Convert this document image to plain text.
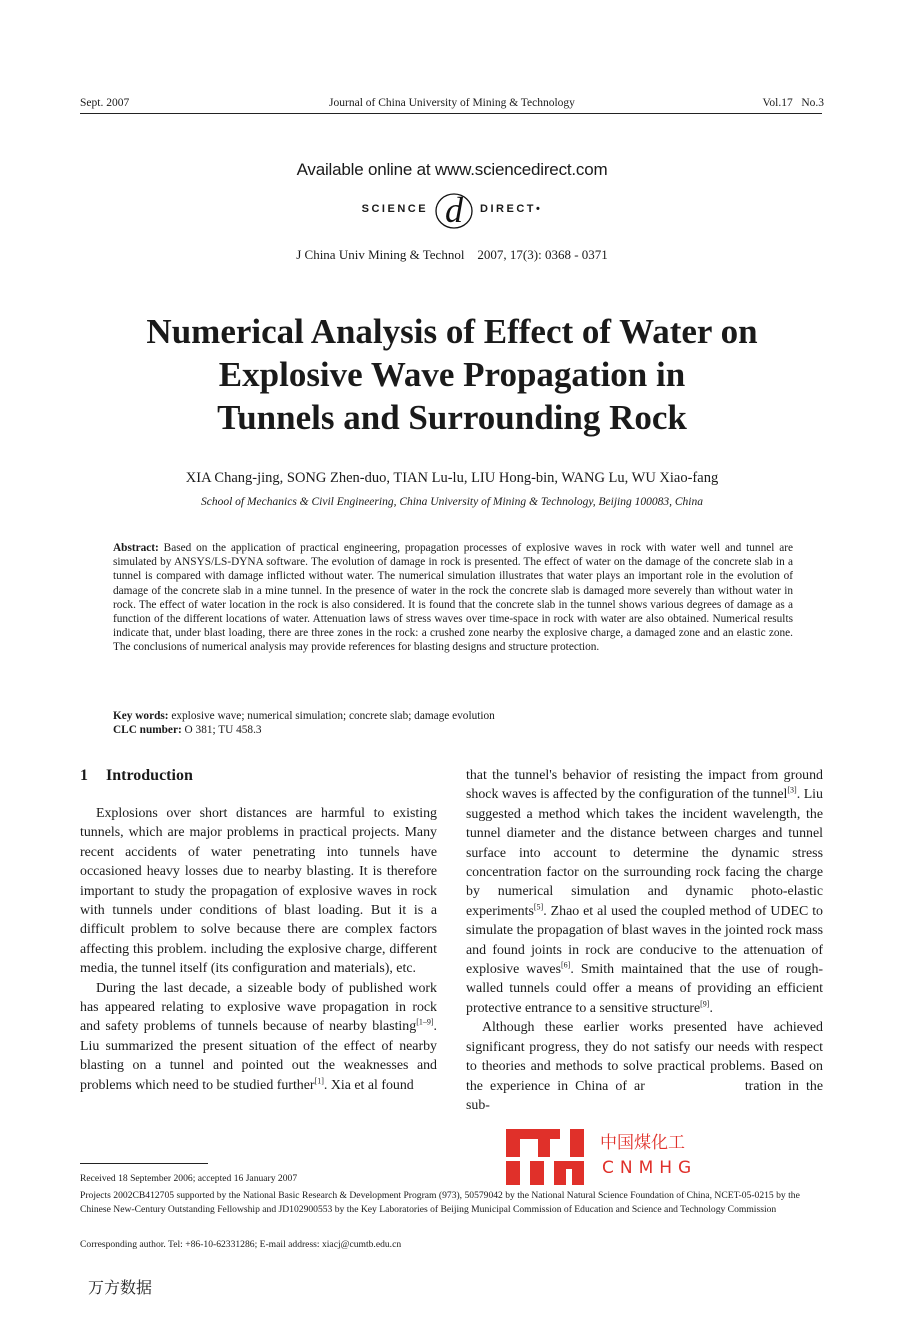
Sept. 2007	Journal of China University of Mining & Technology	Vol.17   No.3
Available online at www.sciencedirect.com
SCIENCE d DIRECT•
J China Univ Mining & Technol    2007, 17(3): 0368 - 0371
Numerical Analysis of Effect of Water on
Explosive Wave Propagation in
Tunnels and Surrounding Rock
XIA Chang-jing, SONG Zhen-duo, TIAN Lu-lu, LIU Hong-bin, WANG Lu, WU Xiao-fang
School of Mechanics & Civil Engineering, China University of Mining & Technology, Beijing 100083, China
Abstract: Based on the application of practical engineering, propagation processes of explosive waves in rock with water well and tunnel are simulated by ANSYS/LS-DYNA software. The evolution of damage in rock is presented. The effect of water on the damage of the concrete slab in a tunnel is compared with damage inflicted without water. The numerical simulation illustrates that water plays an important role in the evolution of damage of the concrete slab in a mine tunnel. In the presence of water in the rock the concrete slab is damaged more severely than without water in rock. The effect of water location in the rock is also considered. It is found that the concrete slab in the tunnel shows various degrees of damage as a function of the different locations of water. Attenuation laws of stress waves over time-space in rock with water are also obtained. Numerical results indicate that, under blast loading, there are three zones in the rock: a crushed zone nearby the explosive charge, a damaged zone and an elastic zone. The conclusions of numerical analysis may provide references for blasting designs and structure protection.
Key words: explosive wave; numerical simulation; concrete slab; damage evolution
CLC number: O 381; TU 458.3
1 Introduction

Explosions over short distances are harmful to existing tunnels, which are major problems in practical projects. Many recent accidents of water penetrating into tunnels have occasioned heavy losses due to nearby blasting. It is therefore important to study the propagation of explosive waves in rock with tunnels under conditions of blast loading. But it is a difficult problem to solve because there are complex factors affecting this problem. including the explosive charge, different media, the tunnel itself (its configuration and materials), etc.

During the last decade, a sizeable body of published work has appeared relating to explosive wave propagation in rock and safety problems of tunnels because of nearby blasting[1–9]. Liu summarized the present situation of the effect of nearby blasting on a tunnel and pointed out the weaknesses and problems which need to be studied further[1]. Xia et al found

that the tunnel's behavior of resisting the impact from ground shock waves is affected by the configuration of the tunnel[3]. Liu suggested a method which takes the incident wavelength, the tunnel diameter and the distance between charges and tunnel surface into account to determine the dynamic stress concentration factor on the surrounding rock facing the charge by numerical simulation and dynamic photo-elastic experiments[5]. Zhao et al used the coupled method of UDEC to simulate the propagation of blast waves in the jointed rock mass and found joints in rock are conducive to the attenuation of explosive waves[6]. Smith maintained that the use of rough-walled tunnels could offer a means of providing an efficient protective entrance to a sensitive structure[9].

Although these earlier works presented have achieved significant progress, they do not satisfy our needs with respect to theories and methods to solve practical problems. Based on the experience in China of ar	tration in the sub-

中国煤化工
CNMHG
Received 18 September 2006; accepted 16 January 2007
Projects 2002CB412705 supported by the National Basic Research & Development Program (973), 50579042 by the National Natural Science Foundation of China, NCET-05-0215 by the Chinese New-Century Outstanding Fellowship and JD102900553 by the Key Laboratories of Beijing Municipal Commission of Education and Science and Technology Commission
Corresponding author. Tel: +86-10-62331286; E-mail address: xiacj@cumtb.edu.cn
万方数据
